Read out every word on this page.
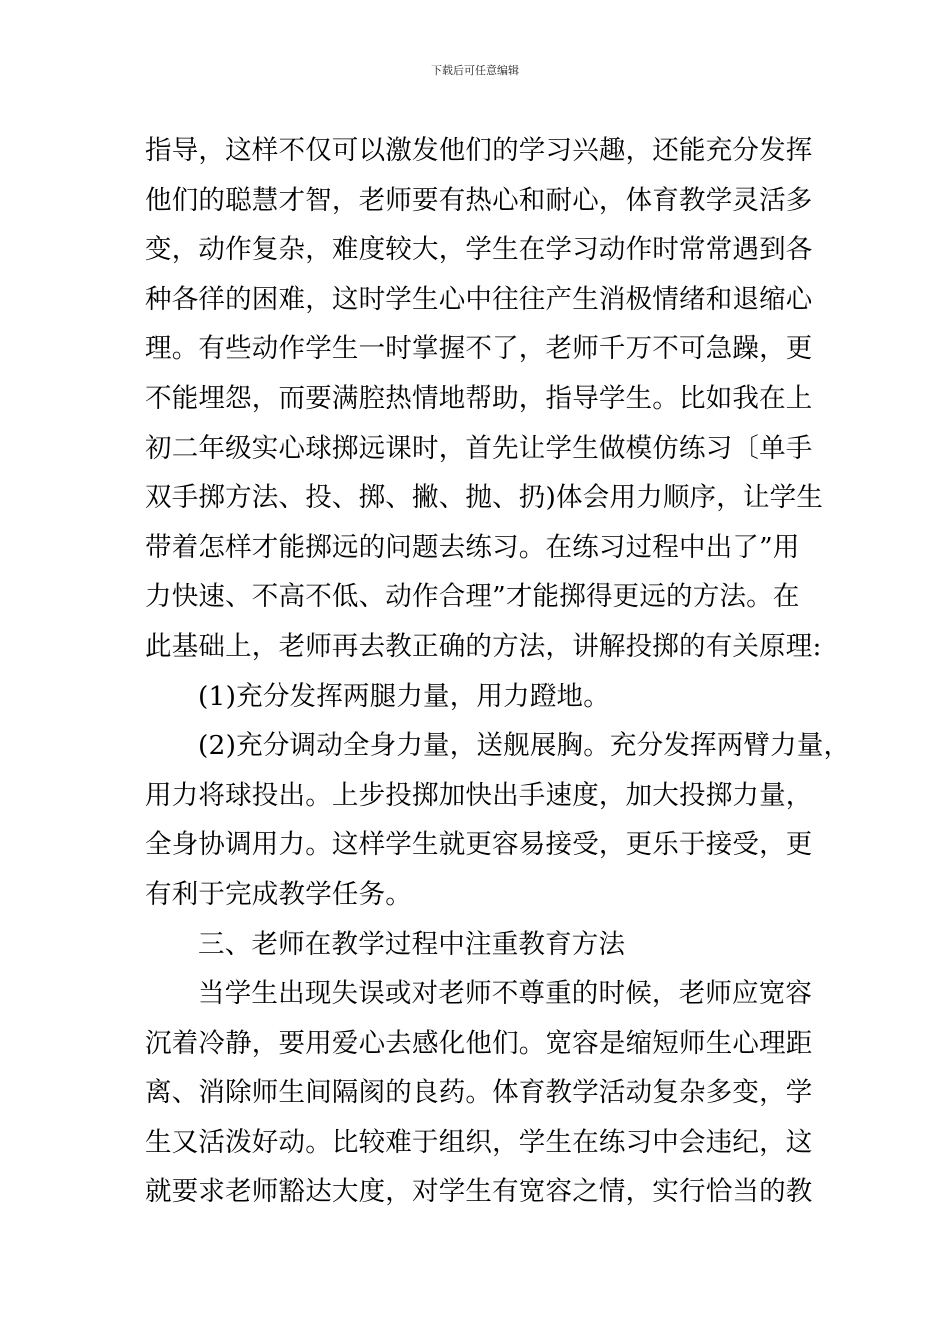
下载后可任意编辑
指导，这样不仅可以激发他们的学习兴趣，还能充分发挥
他们的聪慧才智，老师要有热心和耐心，体育教学灵活多
变，动作复杂，难度较大，学生在学习动作时常常遇到各
种各徉的困难，这时学生心中往往产生消极情绪和退缩心
理。有些动作学生一时掌握不了，老师千万不可急躁，更
不能埋怨，而要满腔热情地帮助，指导学生。比如我在上
初二年级实心球掷远课时，首先让学生做模仿练习〔单手
双手掷方法、投、掷、撇、抛、扔)体会用力顺序，让学生
带着怎样才能掷远的问题去练习。在练习过程中出了”用
力快速、不高不低、动作合理”才能掷得更远的方法。在
此基础上，老师再去教正确的方法，讲解投掷的有关原理:
(1)充分发挥两腿力量，用力蹬地。
(2)充分调动全身力量，送舰展胸。充分发挥两臂力量，
用力将球投出。上步投掷加快出手速度，加大投掷力量，
全身协调用力。这样学生就更容易接受，更乐于接受，更
有利于完成教学任务。
三、老师在教学过程中注重教育方法
当学生出现失误或对老师不尊重的时候，老师应宽容
沉着冷静，要用爱心去感化他们。宽容是缩短师生心理距
离、消除师生间隔阂的良药。体育教学活动复杂多变，学
生又活泼好动。比较难于组织，学生在练习中会违纪，这
就要求老师豁达大度，对学生有宽容之情，实行恰当的教
